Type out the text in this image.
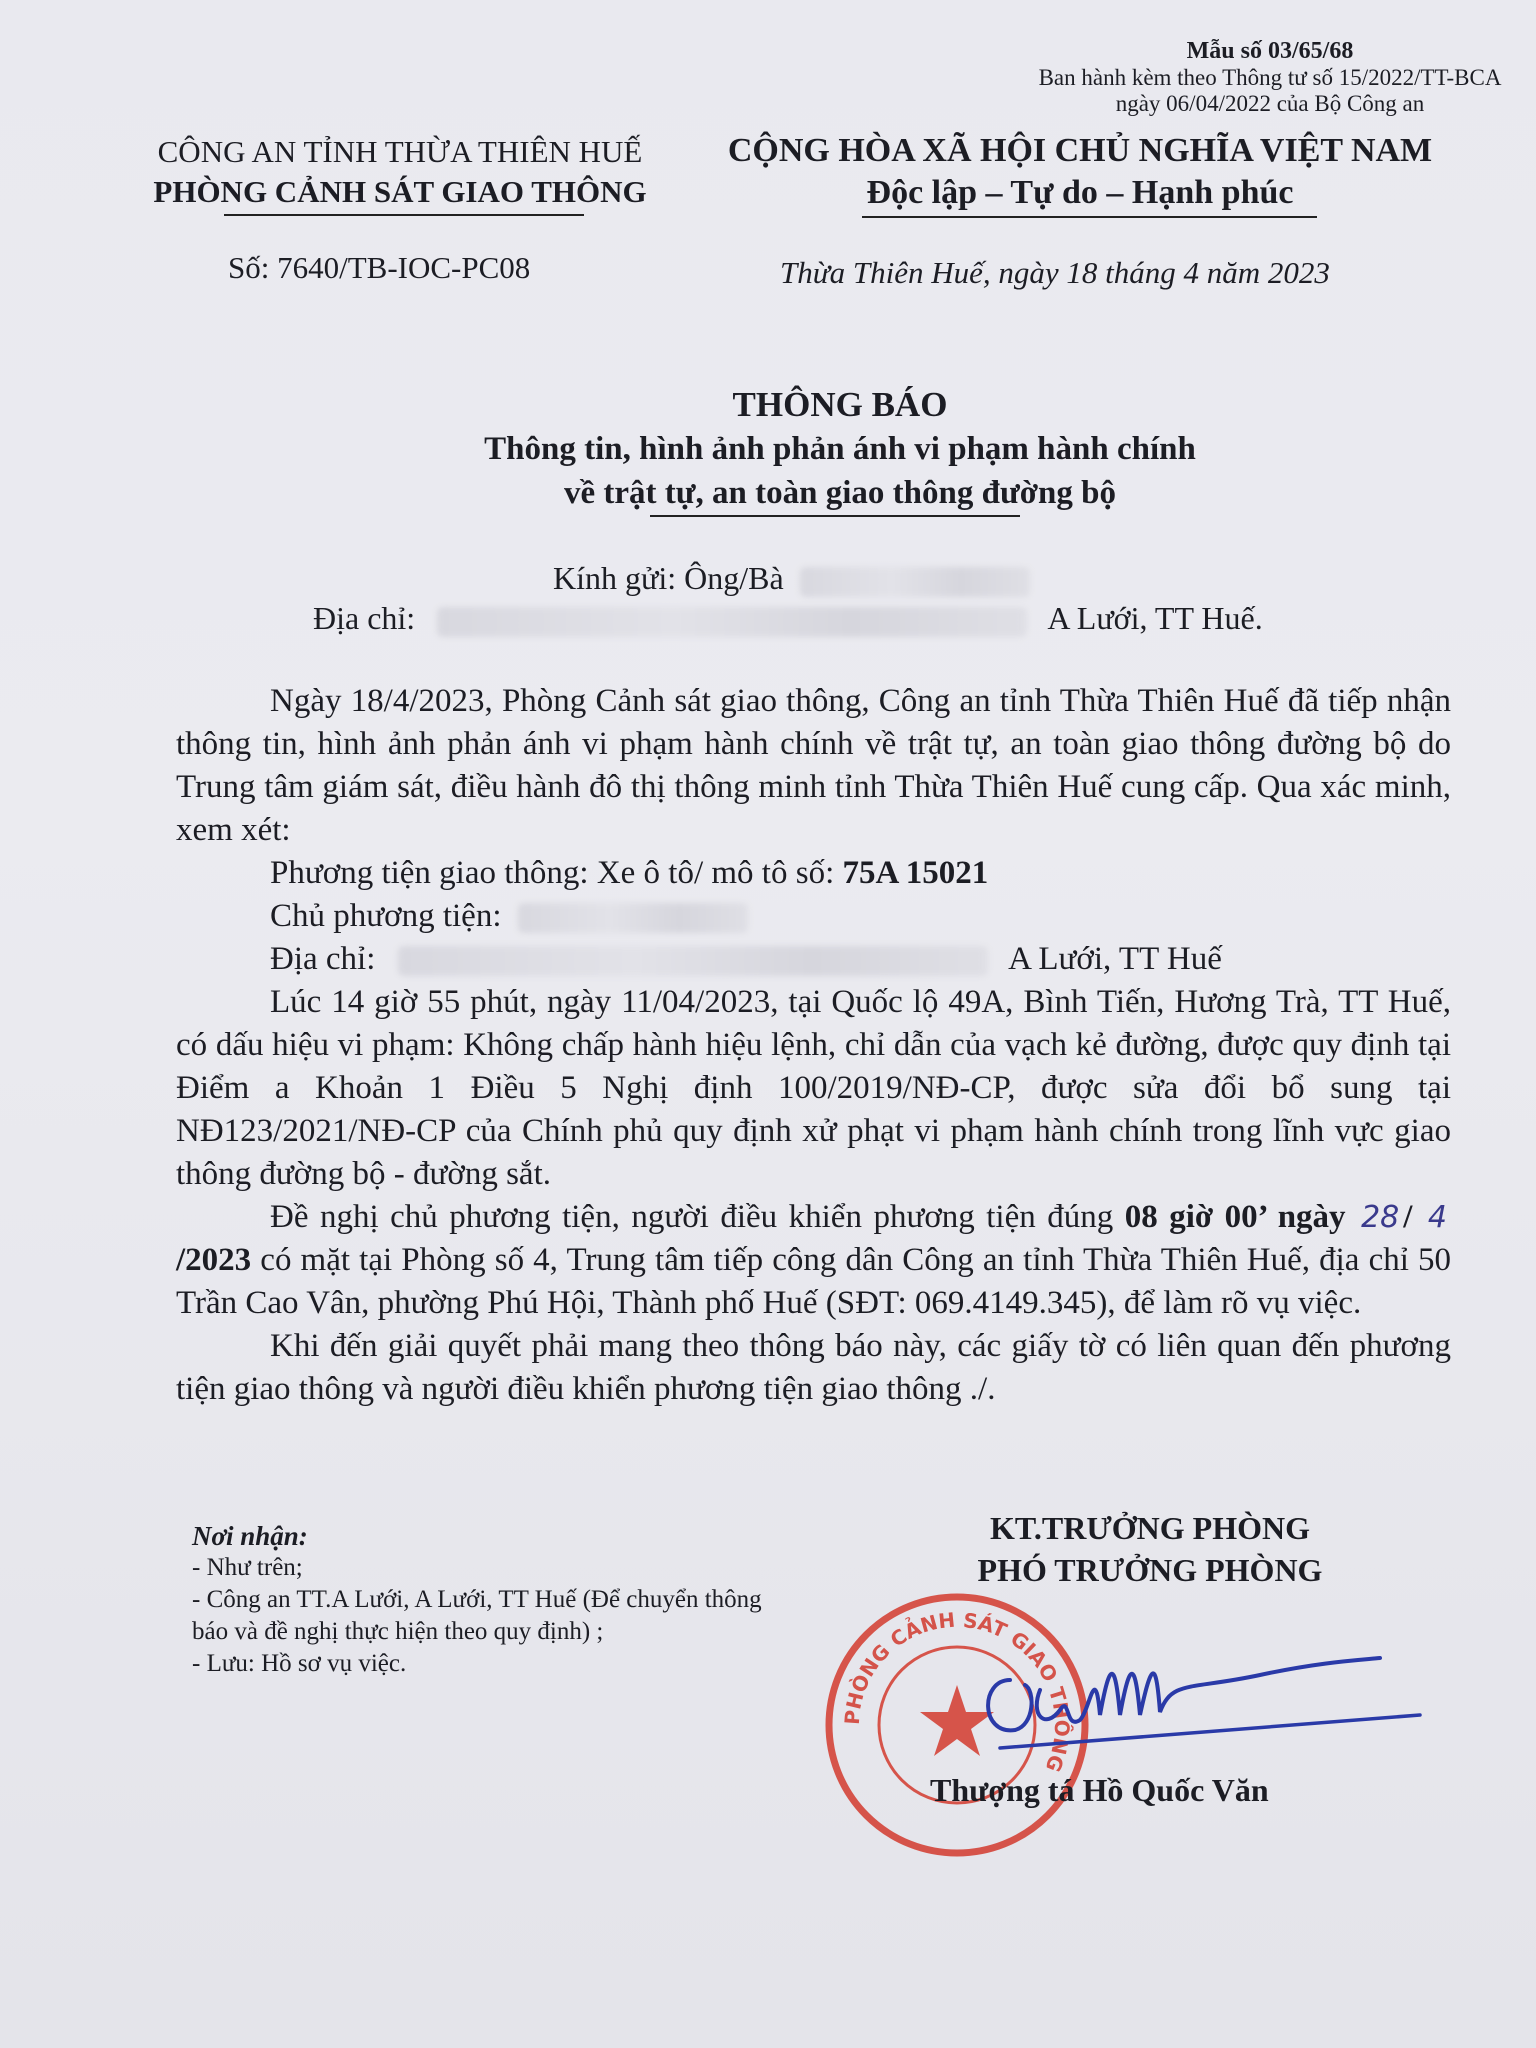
Mẫu số 03/65/68
Ban hành kèm theo Thông tư số 15/2022/TT-BCA
ngày 06/04/2022 của Bộ Công an
CÔNG AN TỈNH THỪA THIÊN HUẾ
PHÒNG CẢNH SÁT GIAO THÔNG
CỘNG HÒA XÃ HỘI CHỦ NGHĨA VIỆT NAM
Độc lập – Tự do – Hạnh phúc
Số: 7640/TB-IOC-PC08	Thừa Thiên Huế, ngày 18 tháng 4 năm 2023
THÔNG BÁO
Thông tin, hình ảnh phản ánh vi phạm hành chính
về trật tự, an toàn giao thông đường bộ
Kính gửi: Ông/Bà
Địa chỉ:	A Lưới, TT Huế.

Ngày 18/4/2023, Phòng Cảnh sát giao thông, Công an tỉnh Thừa Thiên Huế đã tiếp nhận thông tin, hình ảnh phản ánh vi phạm hành chính về trật tự, an toàn giao thông đường bộ do Trung tâm giám sát, điều hành đô thị thông minh tỉnh Thừa Thiên Huế cung cấp. Qua xác minh, xem xét:

Phương tiện giao thông: Xe ô tô/ mô tô số: 75A 15021

Chủ phương tiện:

Địa chỉ:	A Lưới, TT Huế

Lúc 14 giờ 55 phút, ngày 11/04/2023, tại Quốc lộ 49A, Bình Tiến, Hương Trà, TT Huế, có dấu hiệu vi phạm: Không chấp hành hiệu lệnh, chỉ dẫn của vạch kẻ đường, được quy định tại Điểm a Khoản 1 Điều 5 Nghị định 100/2019/NĐ-CP, được sửa đổi bổ sung tại NĐ123/2021/NĐ-CP của Chính phủ quy định xử phạt vi phạm hành chính trong lĩnh vực giao thông đường bộ - đường sắt.

Đề nghị chủ phương tiện, người điều khiển phương tiện đúng 08 giờ 00’ ngày 28 / 4 /2023 có mặt tại Phòng số 4, Trung tâm tiếp công dân Công an tỉnh Thừa Thiên Huế, địa chỉ 50 Trần Cao Vân, phường Phú Hội, Thành phố Huế (SĐT: 069.4149.345), để làm rõ vụ việc.

Khi đến giải quyết phải mang theo thông báo này, các giấy tờ có liên quan đến phương tiện giao thông và người điều khiển phương tiện giao thông ./.

Nơi nhận:
- Như trên;
- Công an TT.A Lưới, A Lưới, TT Huế (Để chuyển thông báo và đề nghị thực hiện theo quy định) ;
- Lưu: Hồ sơ vụ việc.
KT.TRƯỞNG PHÒNG
PHÓ TRƯỞNG PHÒNG
PHÒNG CẢNH SÁT GIAO THÔNG
Thượng tá Hồ Quốc Văn
